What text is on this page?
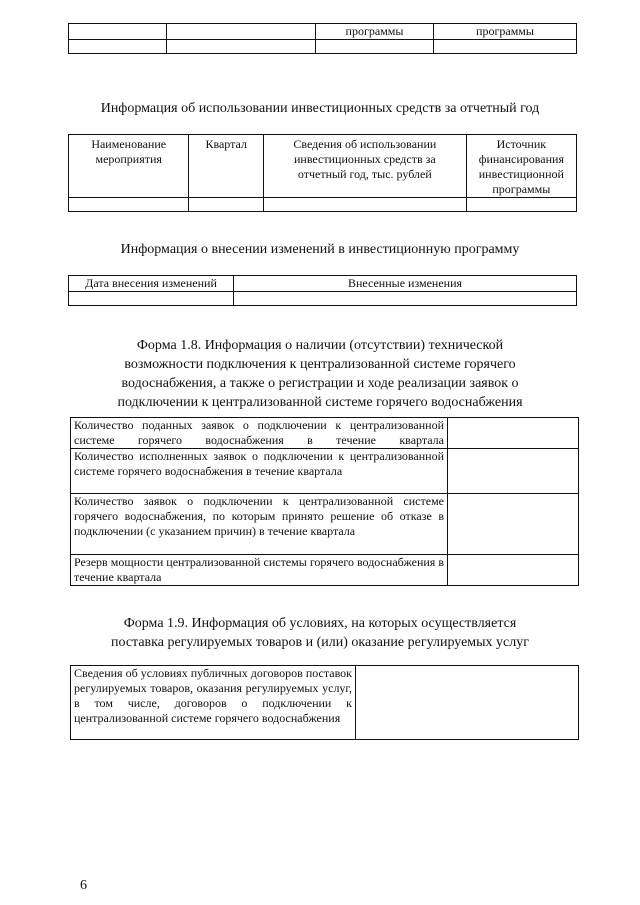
		программы	программы

Информация об использовании инвестиционных средств за отчетный год
Наименование мероприятия	Квартал	Сведения об использовании инвестиционных средств за отчетный год, тыс. рублей	Источник финансирования инвестиционной программы

Информация о внесении изменений в инвестиционную программу
Дата внесения изменений	Внесенные изменения

Форма 1.8. Информация о наличии (отсутствии) технической возможности подключения к централизованной системе горячего водоснабжения, а также о регистрации и ходе реализации заявок о подключении к централизованной системе горячего водоснабжения
Количество поданных заявок о подключении к централизованной системе горячего водоснабжения в течение квартала	
Количество исполненных заявок о подключении к централизованной системе горячего водоснабжения в течение квартала	
Количество заявок о подключении к централизованной системе горячего водоснабжения, по которым принято решение об отказе в подключении (с указанием причин) в течение квартала	
Резерв мощности централизованной системы горячего водоснабжения в течение квартала	
Форма 1.9. Информация об условиях, на которых осуществляется поставка регулируемых товаров и (или) оказание регулируемых услуг
Сведения об условиях публичных договоров поставок регулируемых товаров, оказания регулируемых услуг, в том числе, договоров о подключении к централизованной системе горячего водоснабжения	
6
